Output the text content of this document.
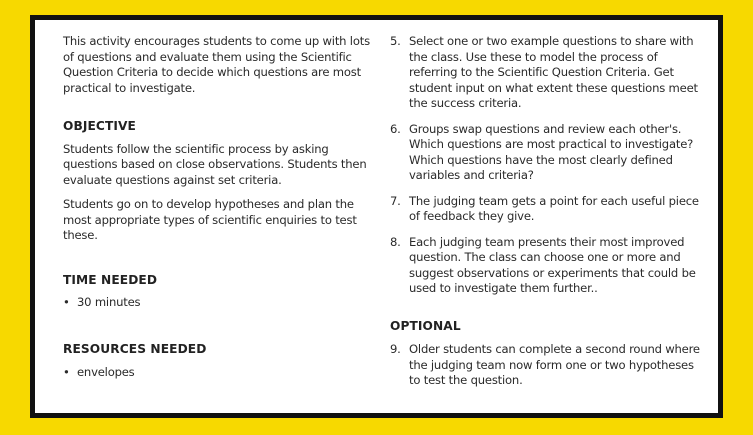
This activity encourages students to come up with lots of questions and evaluate them using the Scientific Question Criteria to decide which questions are most practical to investigate.

OBJECTIVE

Students follow the scientific process by asking questions based on close observations. Students then evaluate questions against set criteria.

Students go on to develop hypotheses and plan the most appropriate types of scientific enquiries to test these.

TIME NEEDED
• 30 minutes
RESOURCES NEEDED
• envelopes
5. Select one or two example questions to share with the class. Use these to model the process of referring to the Scientific Question Criteria. Get student input on what extent these questions meet the success criteria.
6. Groups swap questions and review each other's. Which questions are most practical to investigate? Which questions have the most clearly defined variables and criteria?
7. The judging team gets a point for each useful piece of feedback they give.
8. Each judging team presents their most improved question. The class can choose one or more and suggest observations or experiments that could be used to investigate them further..
OPTIONAL
9. Older students can complete a second round where the judging team now form one or two hypotheses to test the question.
